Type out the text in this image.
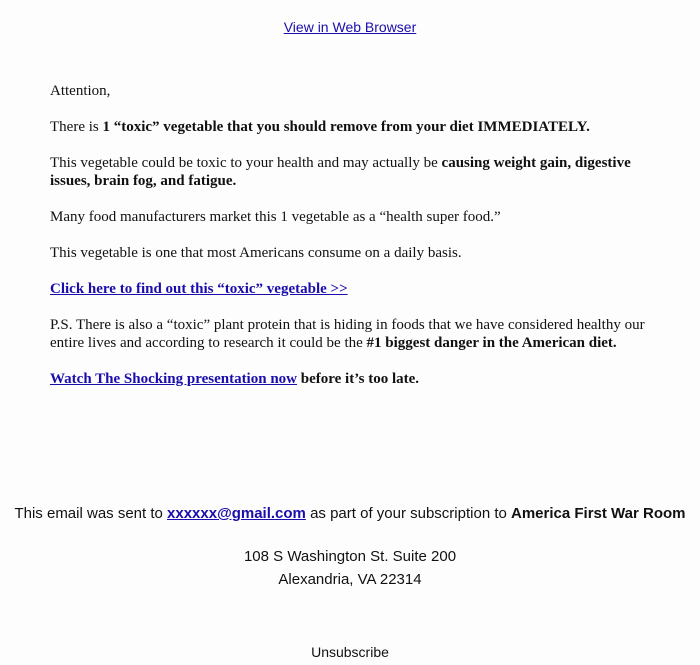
View in Web Browser

Attention,

There is 1 “toxic” vegetable that you should remove from your diet IMMEDIATELY.

This vegetable could be toxic to your health and may actually be causing weight gain, digestive issues, brain fog, and fatigue.

Many food manufacturers market this 1 vegetable as a “health super food.”

This vegetable is one that most Americans consume on a daily basis.

Click here to find out this “toxic” vegetable >>

P.S. There is also a “toxic” plant protein that is hiding in foods that we have considered healthy our entire lives and according to research it could be the #1 biggest danger in the American diet.

Watch The Shocking presentation now before it’s too late.

This email was sent to xxxxxx@gmail.com as part of your subscription to America First War Room
108 S Washington St. Suite 200
Alexandria, VA 22314
Unsubscribe
